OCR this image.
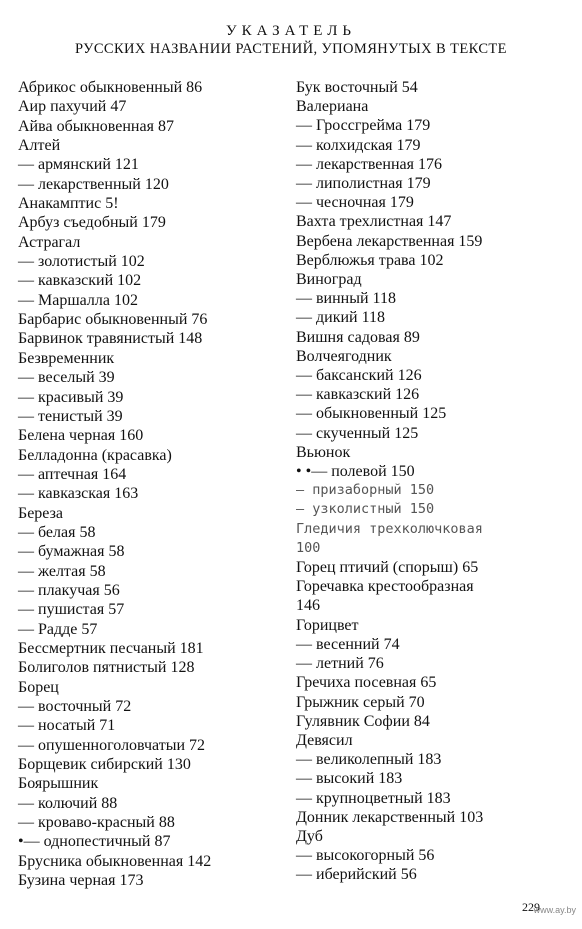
УКАЗАТЕЛЬ
РУССКИХ НАЗВАНИИ РАСТЕНИЙ, УПОМЯНУТЫХ В ТЕКСТЕ
Абрикос обыкновенный 86
Аир пахучий 47
Айва обыкновенная 87
Алтей
— армянский 121
— лекарственный 120
Анакамптис 5!
Арбуз съедобный 179
Астрагал
— золотистый 102
— кавказский 102
— Маршалла 102
Барбарис обыкновенный 76
Барвинок травянистый 148
Безвременник
— веселый 39
— красивый 39
— тенистый 39
Белена черная 160
Белладонна (красавка)
— аптечная 164
— кавказская 163
Береза
— белая 58
— бумажная 58
— желтая 58
— плакучая 56
— пушистая 57
— Радде 57
Бессмертник песчаный 181
Болиголов пятнистый 128
Борец
— восточный 72
— носатый 71
— опушенноголовчатыи 72
Борщевик сибирский 130
Боярышник
— колючий 88
— кроваво-красный 88
•— однопестичный 87
Брусника обыкновенная 142
Бузина черная 173
Бук восточный 54
Валериана
— Гроссгрейма 179
— колхидская 179
— лекарственная 176
— липолистная 179
— чесночная 179
Вахта трехлистная 147
Вербена лекарственная 159
Верблюжья трава 102
Виноград
— винный 118
— дикий 118
Вишня садовая 89
Волчеягодник
— баксанский 126
— кавказский 126
— обыкновенный 125
— скученный 125
Вьюнок
• •— полевой 150
— призаборный 150
— узколистный 150
Гледичия трехколючковая
100
Горец птичий (спорыш) 65
Горечавка крестообразная
146
Горицвет
— весенний 74
— летний 76
Гречиха посевная 65
Грыжник серый 70
Гулявник Софии 84
Девясил
— великолепный 183
— высокий 183
— крупноцветный 183
Донник лекарственный 103
Дуб
— высокогорный 56
— иберийский 56
229
www.ay.by
